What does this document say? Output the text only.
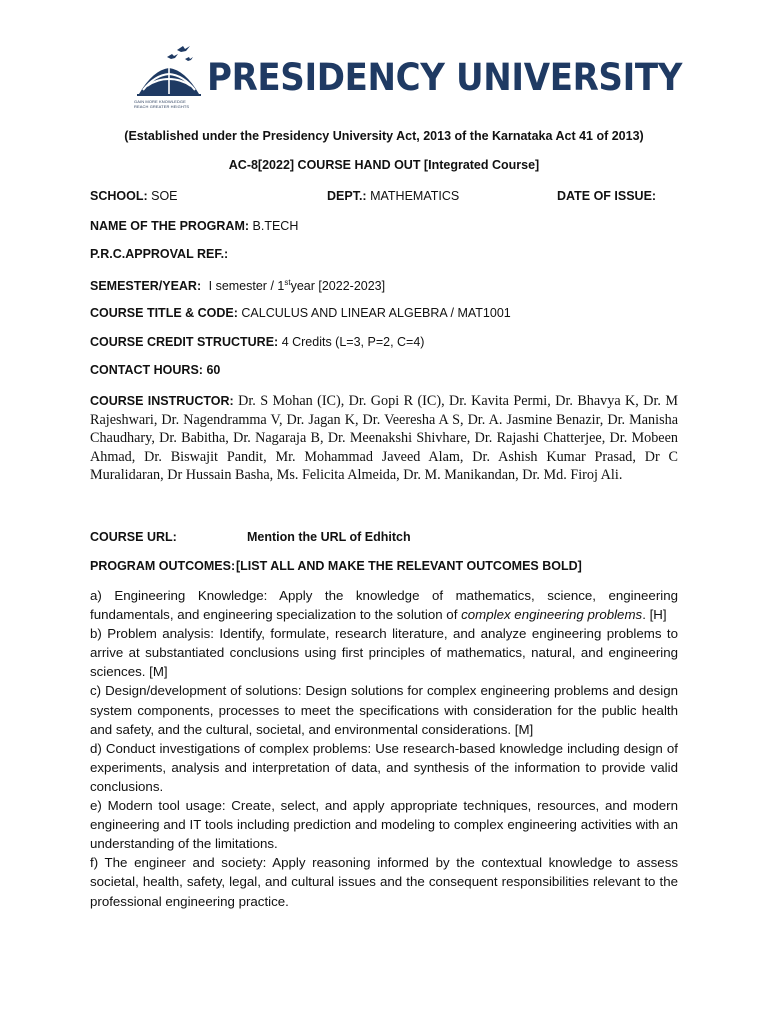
GAIN MORE KNOWLEDGE REACH GREATER HEIGHTS
PRESIDENCY UNIVERSITY
(Established under the Presidency University Act, 2013 of the Karnataka Act 41 of 2013)
AC-8[2022] COURSE HAND OUT [Integrated Course]
SCHOOL: SOE	DEPT.: MATHEMATICS	DATE OF ISSUE:
NAME OF THE PROGRAM: B.TECH
P.R.C.APPROVAL REF.:
SEMESTER/YEAR: I semester / 1styear [2022-2023]
COURSE TITLE & CODE: CALCULUS AND LINEAR ALGEBRA / MAT1001
COURSE CREDIT STRUCTURE: 4 Credits (L=3, P=2, C=4)
CONTACT HOURS: 60
COURSE INSTRUCTOR: Dr. S Mohan (IC), Dr. Gopi R (IC), Dr. Kavita Permi, Dr. Bhavya K, Dr. M Rajeshwari, Dr. Nagendramma V, Dr. Jagan K, Dr. Veeresha A S, Dr. A. Jasmine Benazir, Dr. Manisha Chaudhary, Dr. Babitha, Dr. Nagaraja B, Dr. Meenakshi Shivhare, Dr. Rajashi Chatterjee, Dr. Mobeen Ahmad, Dr. Biswajit Pandit, Mr. Mohammad Javeed Alam, Dr. Ashish Kumar Prasad, Dr C Muralidaran, Dr Hussain Basha, Ms. Felicita Almeida, Dr. M. Manikandan, Dr. Md. Firoj Ali.
COURSE URL:	Mention the URL of Edhitch
PROGRAM OUTCOMES: [LIST ALL AND MAKE THE RELEVANT OUTCOMES BOLD]

a) Engineering Knowledge: Apply the knowledge of mathematics, science, engineering fundamentals, and engineering specialization to the solution of complex engineering problems. [H]

b) Problem analysis: Identify, formulate, research literature, and analyze engineering problems to arrive at substantiated conclusions using first principles of mathematics, natural, and engineering sciences. [M]

c) Design/development of solutions: Design solutions for complex engineering problems and design system components, processes to meet the specifications with consideration for the public health and safety, and the cultural, societal, and environmental considerations. [M]

d) Conduct investigations of complex problems: Use research-based knowledge including design of experiments, analysis and interpretation of data, and synthesis of the information to provide valid conclusions.

e) Modern tool usage: Create, select, and apply appropriate techniques, resources, and modern engineering and IT tools including prediction and modeling to complex engineering activities with an understanding of the limitations.

f) The engineer and society: Apply reasoning informed by the contextual knowledge to assess societal, health, safety, legal, and cultural issues and the consequent responsibilities relevant to the professional engineering practice.
